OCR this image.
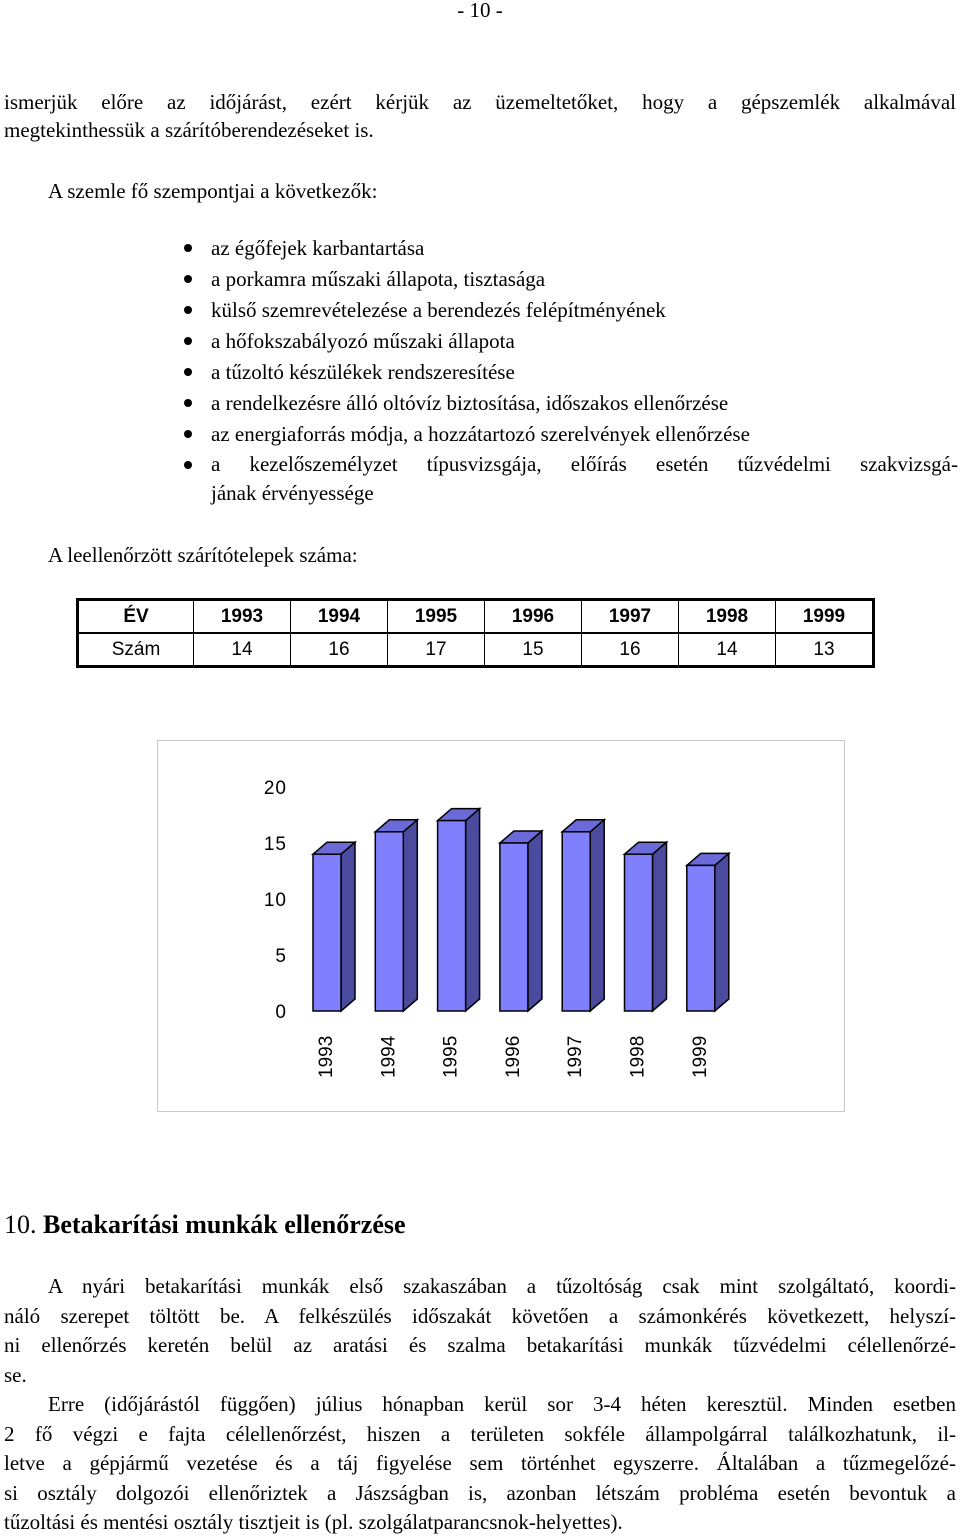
- 10 -
ismerjük előre az időjárást, ezért kérjük az üzemeltetőket, hogy a gépszemlék alkalmával
megtekinthessük a szárítóberendezéseket is.
A szemle fő szempontjai a következők:
az égőfejek karbantartása
a porkamra műszaki állapota, tisztasága
külső szemrevételezése a berendezés felépítményének
a hőfokszabályozó műszaki állapota
a tűzoltó készülékek rendszeresítése
a rendelkezésre álló oltóvíz biztosítása, időszakos ellenőrzése
az energiaforrás módja, a hozzátartozó szerelvények ellenőrzése
a kezelőszemélyzet típusvizsgája, előírás esetén tűzvédelmi szakvizsgá-
jának érvényessége
A leellenőrzött szárítótelepek száma:
ÉV	1993	1994	1995	1996	1997	1998	1999
Szám	14	16	17	15	16	14	13
20
15
10
5
0
1993 1994 1995 1996 1997 1998 1999
10. Betakarítási munkák ellenőrzése
A nyári betakarítási munkák első szakaszában a tűzoltóság csak mint szolgáltató, koordi-
náló szerepet töltött be. A felkészülés időszakát követően a számonkérés következett, helyszí-
ni ellenőrzés keretén belül az aratási és szalma betakarítási munkák tűzvédelmi célellenőrzé-
se.
Erre (időjárástól függően) július hónapban kerül sor 3-4 héten keresztül. Minden esetben
2 fő végzi e fajta célellenőrzést, hiszen a területen sokféle állampolgárral találkozhatunk, il-
letve a gépjármű vezetése és a táj figyelése sem történhet egyszerre. Általában a tűzmegelőzé-
si osztály dolgozói ellenőriztek a Jászságban is, azonban létszám probléma esetén bevontuk a
tűzoltási és mentési osztály tisztjeit is (pl. szolgálatparancsnok-helyettes).
